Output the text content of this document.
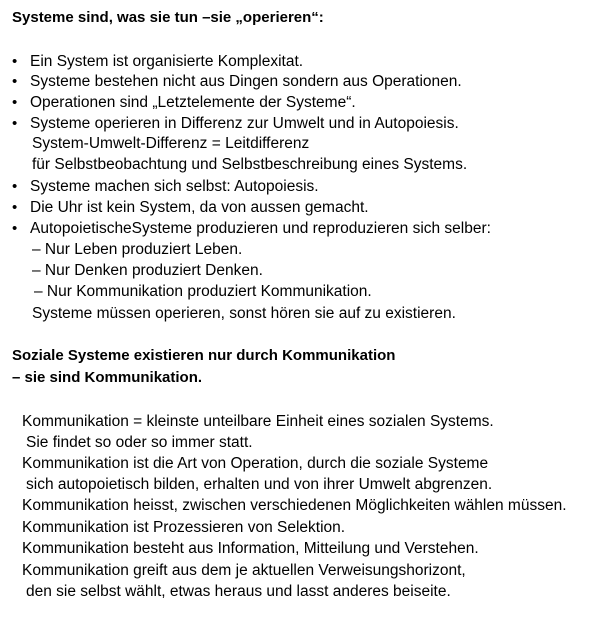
Systeme sind, was sie tun –sie „operieren“:
• Ein System ist organisierte Komplexitat.
• Systeme bestehen nicht aus Dingen sondern aus Operationen.
• Operationen sind „Letztelemente der Systeme“.
• Systeme operieren in Differenz zur Umwelt und in Autopoiesis.
System-Umwelt-Differenz = Leitdifferenz
für Selbstbeobachtung und Selbstbeschreibung eines Systems.
• Systeme machen sich selbst: Autopoiesis.
• Die Uhr ist kein System, da von aussen gemacht.
• AutopoietischeSysteme produzieren und reproduzieren sich selber:
– Nur Leben produziert Leben.
– Nur Denken produziert Denken.
– Nur Kommunikation produziert Kommunikation.
Systeme müssen operieren, sonst hören sie auf zu existieren.
Soziale Systeme existieren nur durch Kommunikation
– sie sind Kommunikation.
Kommunikation = kleinste unteilbare Einheit eines sozialen Systems.
Sie findet so oder so immer statt.
Kommunikation ist die Art von Operation, durch die soziale Systeme
sich autopoietisch bilden, erhalten und von ihrer Umwelt abgrenzen.
Kommunikation heisst, zwischen verschiedenen Möglichkeiten wählen müssen.
Kommunikation ist Prozessieren von Selektion.
Kommunikation besteht aus Information, Mitteilung und Verstehen.
Kommunikation greift aus dem je aktuellen Verweisungshorizont,
den sie selbst wählt, etwas heraus und lasst anderes beiseite.
